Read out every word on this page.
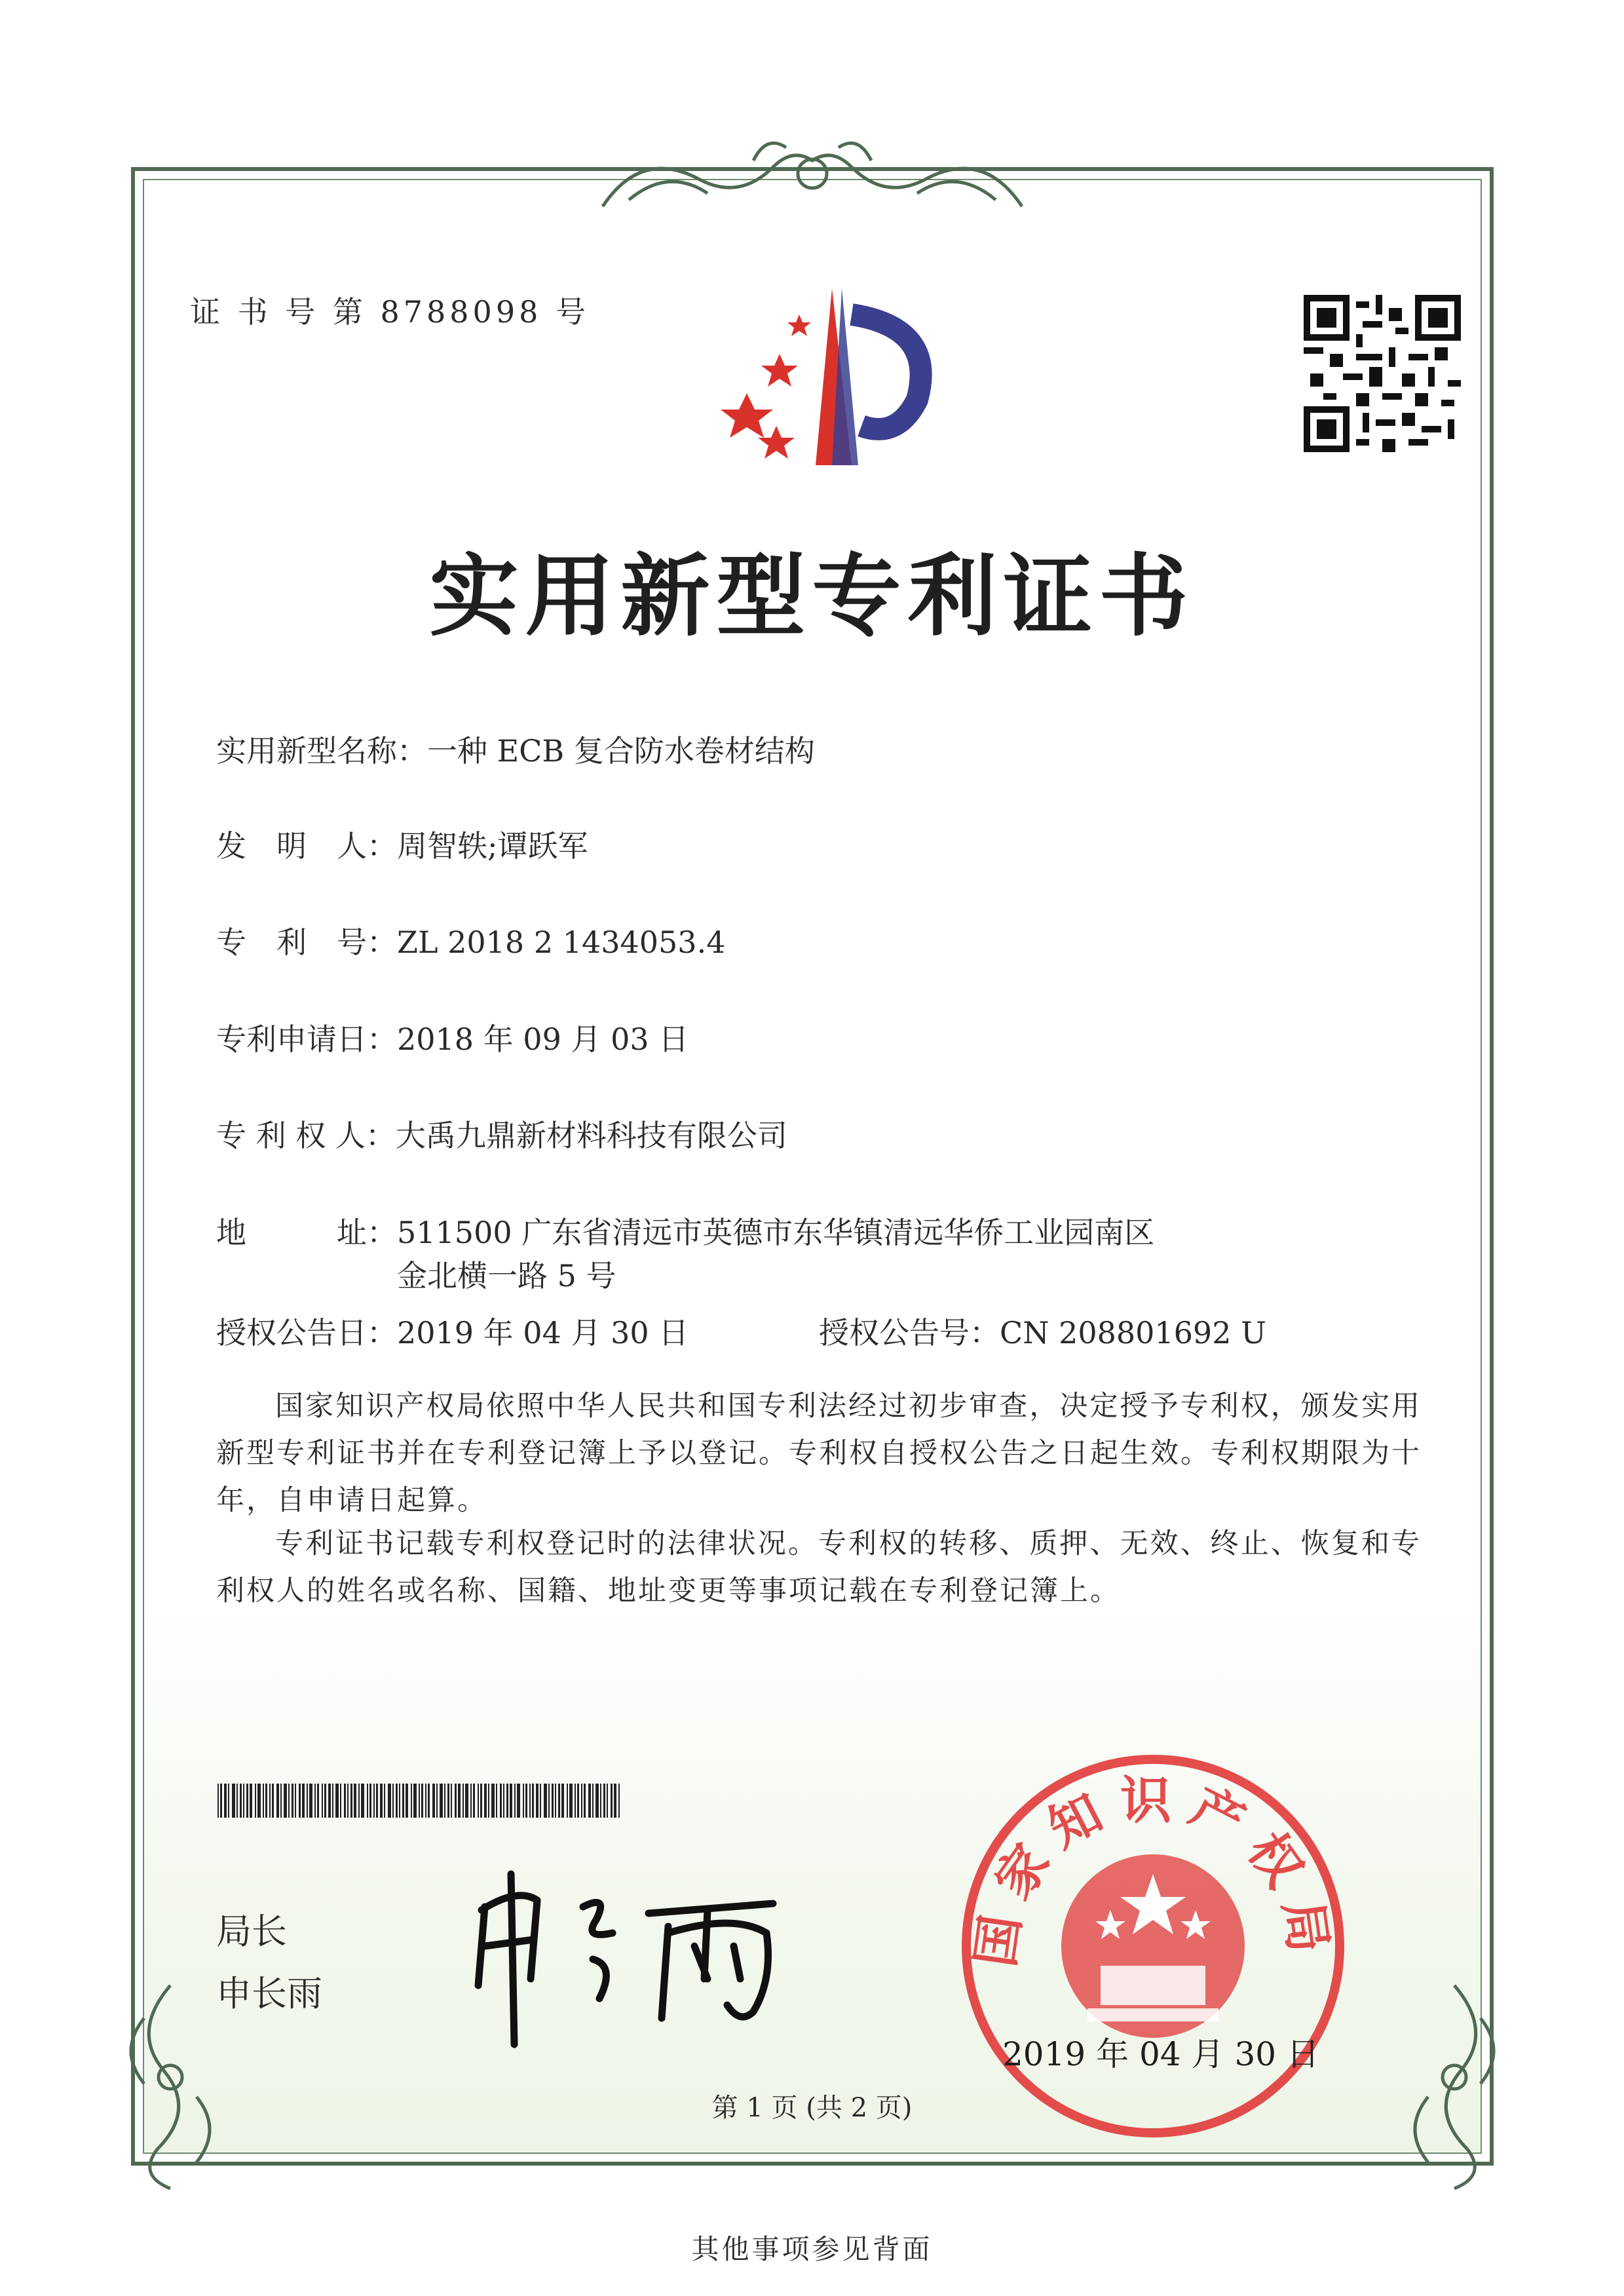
证 书 号 第 8788098 号
实用新型专利证书
实用新型名称：一种 ECB 复合防水卷材结构
发　明　人：周智轶;谭跃军
专　利　号：ZL 2018 2 1434053.4
专利申请日：2018 年 09 月 03 日
专 利 权 人：大禹九鼎新材料科技有限公司
地　　　址：511500 广东省清远市英德市东华镇清远华侨工业园南区
金北横一路 5 号
授权公告日：2019 年 04 月 30 日	授权公告号：CN 208801692 U
国家知识产权局依照中华人民共和国专利法经过初步审查，决定授予专利权，颁发实用新型专利证书并在专利登记簿上予以登记。专利权自授权公告之日起生效。专利权期限为十年，自申请日起算。
专利证书记载专利权登记时的法律状况。专利权的转移、质押、无效、终止、恢复和专利权人的姓名或名称、国籍、地址变更等事项记载在专利登记簿上。
局长
申长雨
国家知识产权局
2019 年 04 月 30 日
第 1 页 (共 2 页)
其他事项参见背面
